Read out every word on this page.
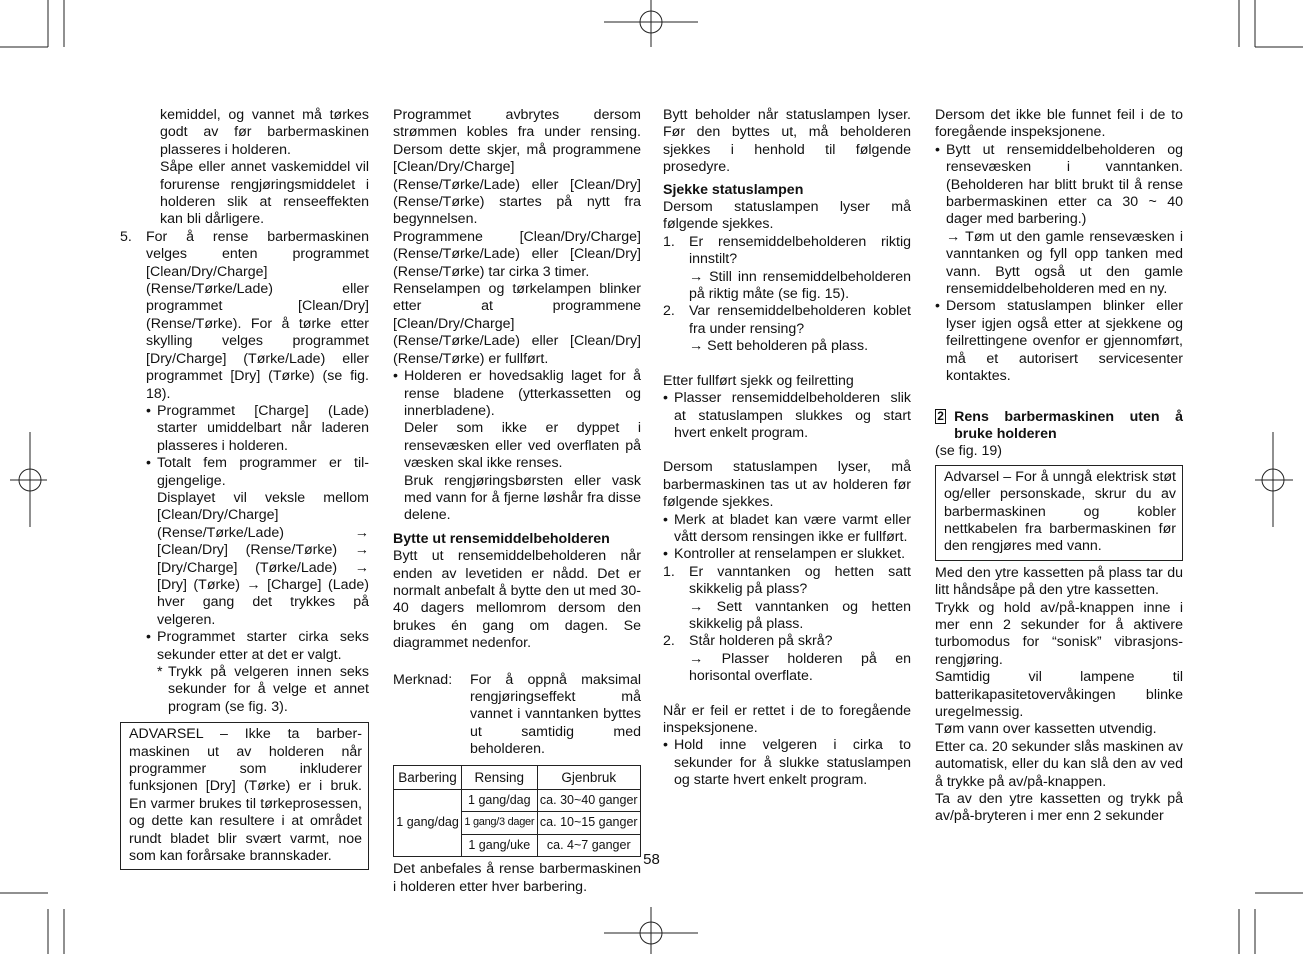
kemiddel, og vannet må tørkes godt av før barbermaskinen plasseres i holderen.

Såpe eller annet vaskemiddel vil forurense rengjøringsmiddelet i holderen slik at renseeffekten kan bli dårligere.

5. For å rense barbermaskinen velges enten programmet [Clean/Dry/Charge] (Rense/Tørke/Lade) eller programmet [Clean/Dry] (Rense/Tørke). For å tørke etter skylling velges programmet [Dry/Charge] (Tørke/Lade) eller programmet [Dry] (Tørke) (se fig. 18).
• Programmet [Charge] (Lade) starter umiddelbart når laderen plasseres i holderen.
• Totalt fem programmer er tilgjengelige.

Displayet vil veksle mellom [Clean/Dry/Charge] (Rense/Tørke/Lade) → [Clean/Dry] (Rense/Tørke) → [Dry/Charge] (Tørke/Lade) → [Dry] (Tørke) → [Charge] (Lade) hver gang det trykkes på velgeren.

• Programmet starter cirka seks sekunder etter at det er valgt.
* Trykk på velgeren innen seks sekunder for å velge et annet program (se fig. 3).

ADVARSEL – Ikke ta barbermaskinen ut av holderen når programmer som inkluderer funksjonen [Dry] (Tørke) er i bruk. En varmer brukes til tørkeprosessen, og dette kan resultere i at området rundt bladet blir svært varmt, noe som kan forårsake brannskader.

Programmet avbrytes dersom strømmen kobles fra under rensing. Dersom dette skjer, må programmene [Clean/Dry/Charge] (Rense/Tørke/Lade) eller [Clean/Dry] (Rense/Tørke) startes på nytt fra begynnelsen.

Programmene [Clean/Dry/Charge] (Rense/Tørke/Lade) eller [Clean/Dry] (Rense/Tørke) tar cirka 3 timer.

Renselampen og tørkelampen blinker etter at programmene [Clean/Dry/Charge] (Rense/Tørke/Lade) eller [Clean/Dry] (Rense/Tørke) er fullført.

• Holderen er hovedsaklig laget for å rense bladene (ytterkassetten og innerbladene).

Deler som ikke er dyppet i rensevæsken eller ved overflaten på væsken skal ikke renses.

Bruk rengjøringsbørsten eller vask med vann for å fjerne løshår fra disse delene.

Bytte ut rensemiddelbeholderen

Bytt ut rensemiddelbeholderen når enden av levetiden er nådd. Det er normalt anbefalt å bytte den ut med 30-40 dagers mellomrom dersom den brukes én gang om dagen. Se diagrammet nedenfor.

Merknad:	For å oppnå maksimal rengjøringseffekt må vannet i vanntanken byttes ut samtidig med beholderen.
Barbering	Rensing	Gjenbruk
1 gang/dag	1 gang/dag	ca. 30~40 ganger
	1 gang/3 dager	ca. 10~15 ganger
	1 gang/uke	ca. 4~7 ganger

Det anbefales å rense barbermaskinen i holderen etter hver barbering.

Bytt beholder når statuslampen lyser. Før den byttes ut, må beholderen sjekkes i henhold til følgende prosedyre.

Sjekke statuslampen

Dersom statuslampen lyser må følgende sjekkes.

1. Er rensemiddelbeholderen riktig innstilt?
→ Still inn rensemiddelbeholderen på riktig måte (se fig. 15).
2. Var rensemiddelbeholderen koblet fra under rensing?
→ Sett beholderen på plass.

Etter fullført sjekk og feilretting

• Plasser rensemiddelbeholderen slik at statuslampen slukkes og start hvert enkelt program.

Dersom statuslampen lyser, må barbermaskinen tas ut av holderen før følgende sjekkes.

• Merk at bladet kan være varmt eller vått dersom rensingen ikke er fullført.
• Kontroller at renselampen er slukket.
1. Er vanntanken og hetten satt skikkelig på plass?
→ Sett vanntanken og hetten skikkelig på plass.
2. Står holderen på skrå?
→ Plasser holderen på en horisontal overflate.

Når er feil er rettet i de to foregående inspeksjonene.

• Hold inne velgeren i cirka to sekunder for å slukke statuslampen og starte hvert enkelt program.

Dersom det ikke ble funnet feil i de to foregående inspeksjonene.

• Bytt ut rensemiddelbeholderen og rensevæsken i vanntanken. (Beholderen har blitt brukt til å rense barbermaskinen etter ca 30 ~ 40 dager med barbering.)

→ Tøm ut den gamle rensevæsken i vanntanken og fyll opp tanken med vann. Bytt også ut den gamle rensemiddelbeholderen med en ny.

• Dersom statuslampen blinker eller lyser igjen også etter at sjekkene og feilrettingene ovenfor er gjennomført, må et autorisert servicesenter kontaktes.
2 Rens barbermaskinen uten å bruke holderen

(se fig. 19)

Advarsel – For å unngå elektrisk støt og/eller personskade, skrur du av barbermaskinen og kobler nettkabelen fra barbermaskinen før den rengjøres med vann.

Med den ytre kassetten på plass tar du litt håndsåpe på den ytre kassetten.

Trykk og hold av/på-knappen inne i mer enn 2 sekunder for å aktivere turbomodus for “sonisk” vibrasjonsrengjøring.

Samtidig vil lampene til batterikapasitetovervåkingen blinke uregelmessig.

Tøm vann over kassetten utvendig.

Etter ca. 20 sekunder slås maskinen av automatisk, eller du kan slå den av ved å trykke på av/på-knappen.

Ta av den ytre kassetten og trykk på av/på-bryteren i mer enn 2 sekunder

58
